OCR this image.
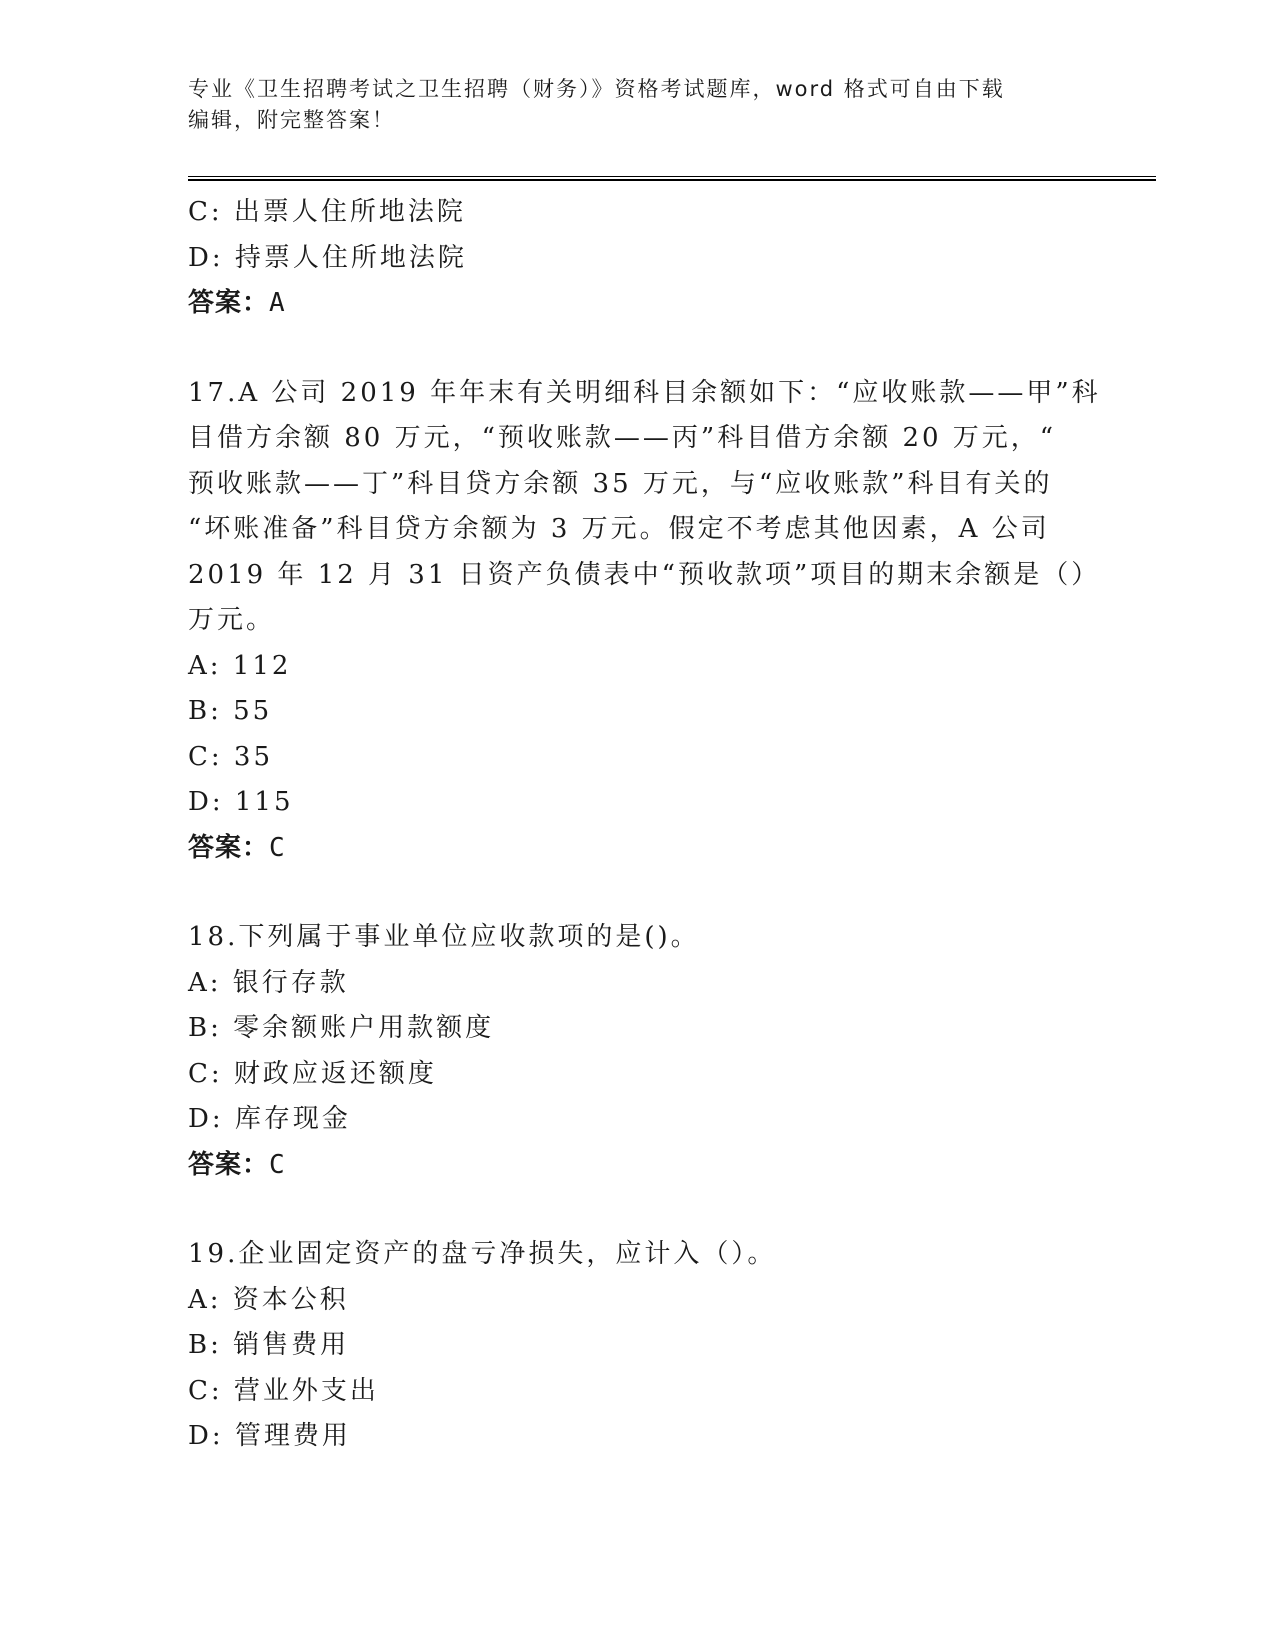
专业《卫生招聘考试之卫生招聘（财务）》资格考试题库，word 格式可自由下载
编辑，附完整答案！
C: 出票人住所地法院
D: 持票人住所地法院
答案：A
17.A 公司 2019 年年末有关明细科目余额如下：“应收账款——甲”科
目借方余额 80 万元，“预收账款——丙”科目借方余额 20 万元，“
预收账款——丁”科目贷方余额 35 万元，与“应收账款”科目有关的
“坏账准备”科目贷方余额为 3 万元。假定不考虑其他因素，A 公司
2019 年 12 月 31 日资产负债表中“预收款项”项目的期末余额是（）
万元。
A: 112
B: 55
C: 35
D: 115
答案：C
18.下列属于事业单位应收款项的是()。
A: 银行存款
B: 零余额账户用款额度
C: 财政应返还额度
D: 库存现金
答案：C
19.企业固定资产的盘亏净损失，应计入（）。
A: 资本公积
B: 销售费用
C: 营业外支出
D: 管理费用
